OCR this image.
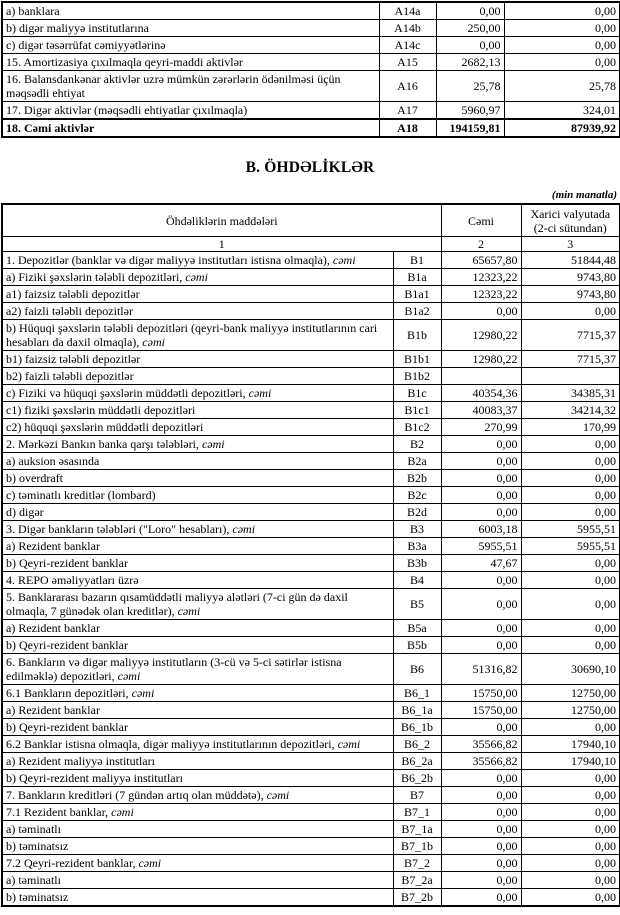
a) banklara	A14a	0,00	0,00
b) digər maliyyə institutlarına	A14b	250,00	0,00
c) digər təsərrüfat cəmiyyətlərinə	A14c	0,00	0,00
15. Amortizasiya çıxılmaqla qeyri-maddi aktivlər	A15	2682,13	0,00
16. Balansdankənar aktivlər uzrə mümkün zərərlərin ödənilməsi üçün məqsədli ehtiyat	A16	25,78	25,78
17. Digər aktivlər (məqsədli ehtiyatlar çıxılmaqla)	A17	5960,97	324,01
18. Cəmi aktivlər	A18	194159,81	87939,92
B. ÖHDƏLİKLƏR
(min manatla)
Öhdəliklərin maddələri		Cəmi	Xarici valyutada (2-ci sütundan)
1		2	3
1. Depozitlər (banklar və digər maliyyə institutları istisna olmaqla), cəmi	B1	65657,80	51844,48
a) Fiziki şəxslərin tələbli depozitləri, cəmi	B1a	12323,22	9743,80
a1) faizsiz tələbli depozitlər	B1a1	12323,22	9743,80
a2) faizli tələbli depozitlər	B1a2	0,00	0,00
b) Hüquqi şəxslərin tələbli depozitləri (qeyri-bank maliyyə institutlarının cari hesabları da daxil olmaqla), cəmi	B1b	12980,22	7715,37
b1) faizsiz tələbli depozitlər	B1b1	12980,22	7715,37
b2) faizli tələbli depozitlər	B1b2		
c) Fiziki və hüquqi şəxslərin müddətli depozitləri, cəmi	B1c	40354,36	34385,31
c1) fiziki şəxslərin müddətli depozitləri	B1c1	40083,37	34214,32
c2) hüquqi şəxslərin müddətli depozitləri	B1c2	270,99	170,99
2. Mərkəzi Bankın banka qarşı tələbləri, cəmi	B2	0,00	0,00
a) auksion əsasında	B2a	0,00	0,00
b) overdraft	B2b	0,00	0,00
c) təminatlı kreditlər (lombard)	B2c	0,00	0,00
d) digər	B2d	0,00	0,00
3. Digər bankların tələbləri ("Loro" hesabları), cəmi	B3	6003,18	5955,51
a) Rezident banklar	B3a	5955,51	5955,51
b) Qeyri-rezident banklar	B3b	47,67	0,00
4. REPO əməliyyatları üzrə	B4	0,00	0,00
5. Banklararası bazarın qısamüddətli maliyyə alətləri (7-ci gün də daxil olmaqla, 7 günədək olan kreditlər), cəmi	B5	0,00	0,00
a) Rezident banklar	B5a	0,00	0,00
b) Qeyri-rezident banklar	B5b	0,00	0,00
6. Bankların və digər maliyyə institutların (3-cü və 5-ci sətirlər istisna edilməklə) depozitləri, cəmi	B6	51316,82	30690,10
6.1 Bankların depozitləri, cəmi	B6_1	15750,00	12750,00
a) Rezident banklar	B6_1a	15750,00	12750,00
b) Qeyri-rezident banklar	B6_1b	0,00	0,00
6.2 Banklar istisna olmaqla, digər maliyyə institutlarının depozitləri, cəmi	B6_2	35566,82	17940,10
a) Rezident maliyyə institutları	B6_2a	35566,82	17940,10
b) Qeyri-rezident maliyyə institutları	B6_2b	0,00	0,00
7. Bankların kreditləri (7 gündən artıq olan müddətə), cəmi	B7	0,00	0,00
7.1 Rezident banklar, cəmi	B7_1	0,00	0,00
a) təminatlı	B7_1a	0,00	0,00
b) təminatsız	B7_1b	0,00	0,00
7.2 Qeyri-rezident banklar, cəmi	B7_2	0,00	0,00
a) təminatlı	B7_2a	0,00	0,00
b) təminatsız	B7_2b	0,00	0,00
